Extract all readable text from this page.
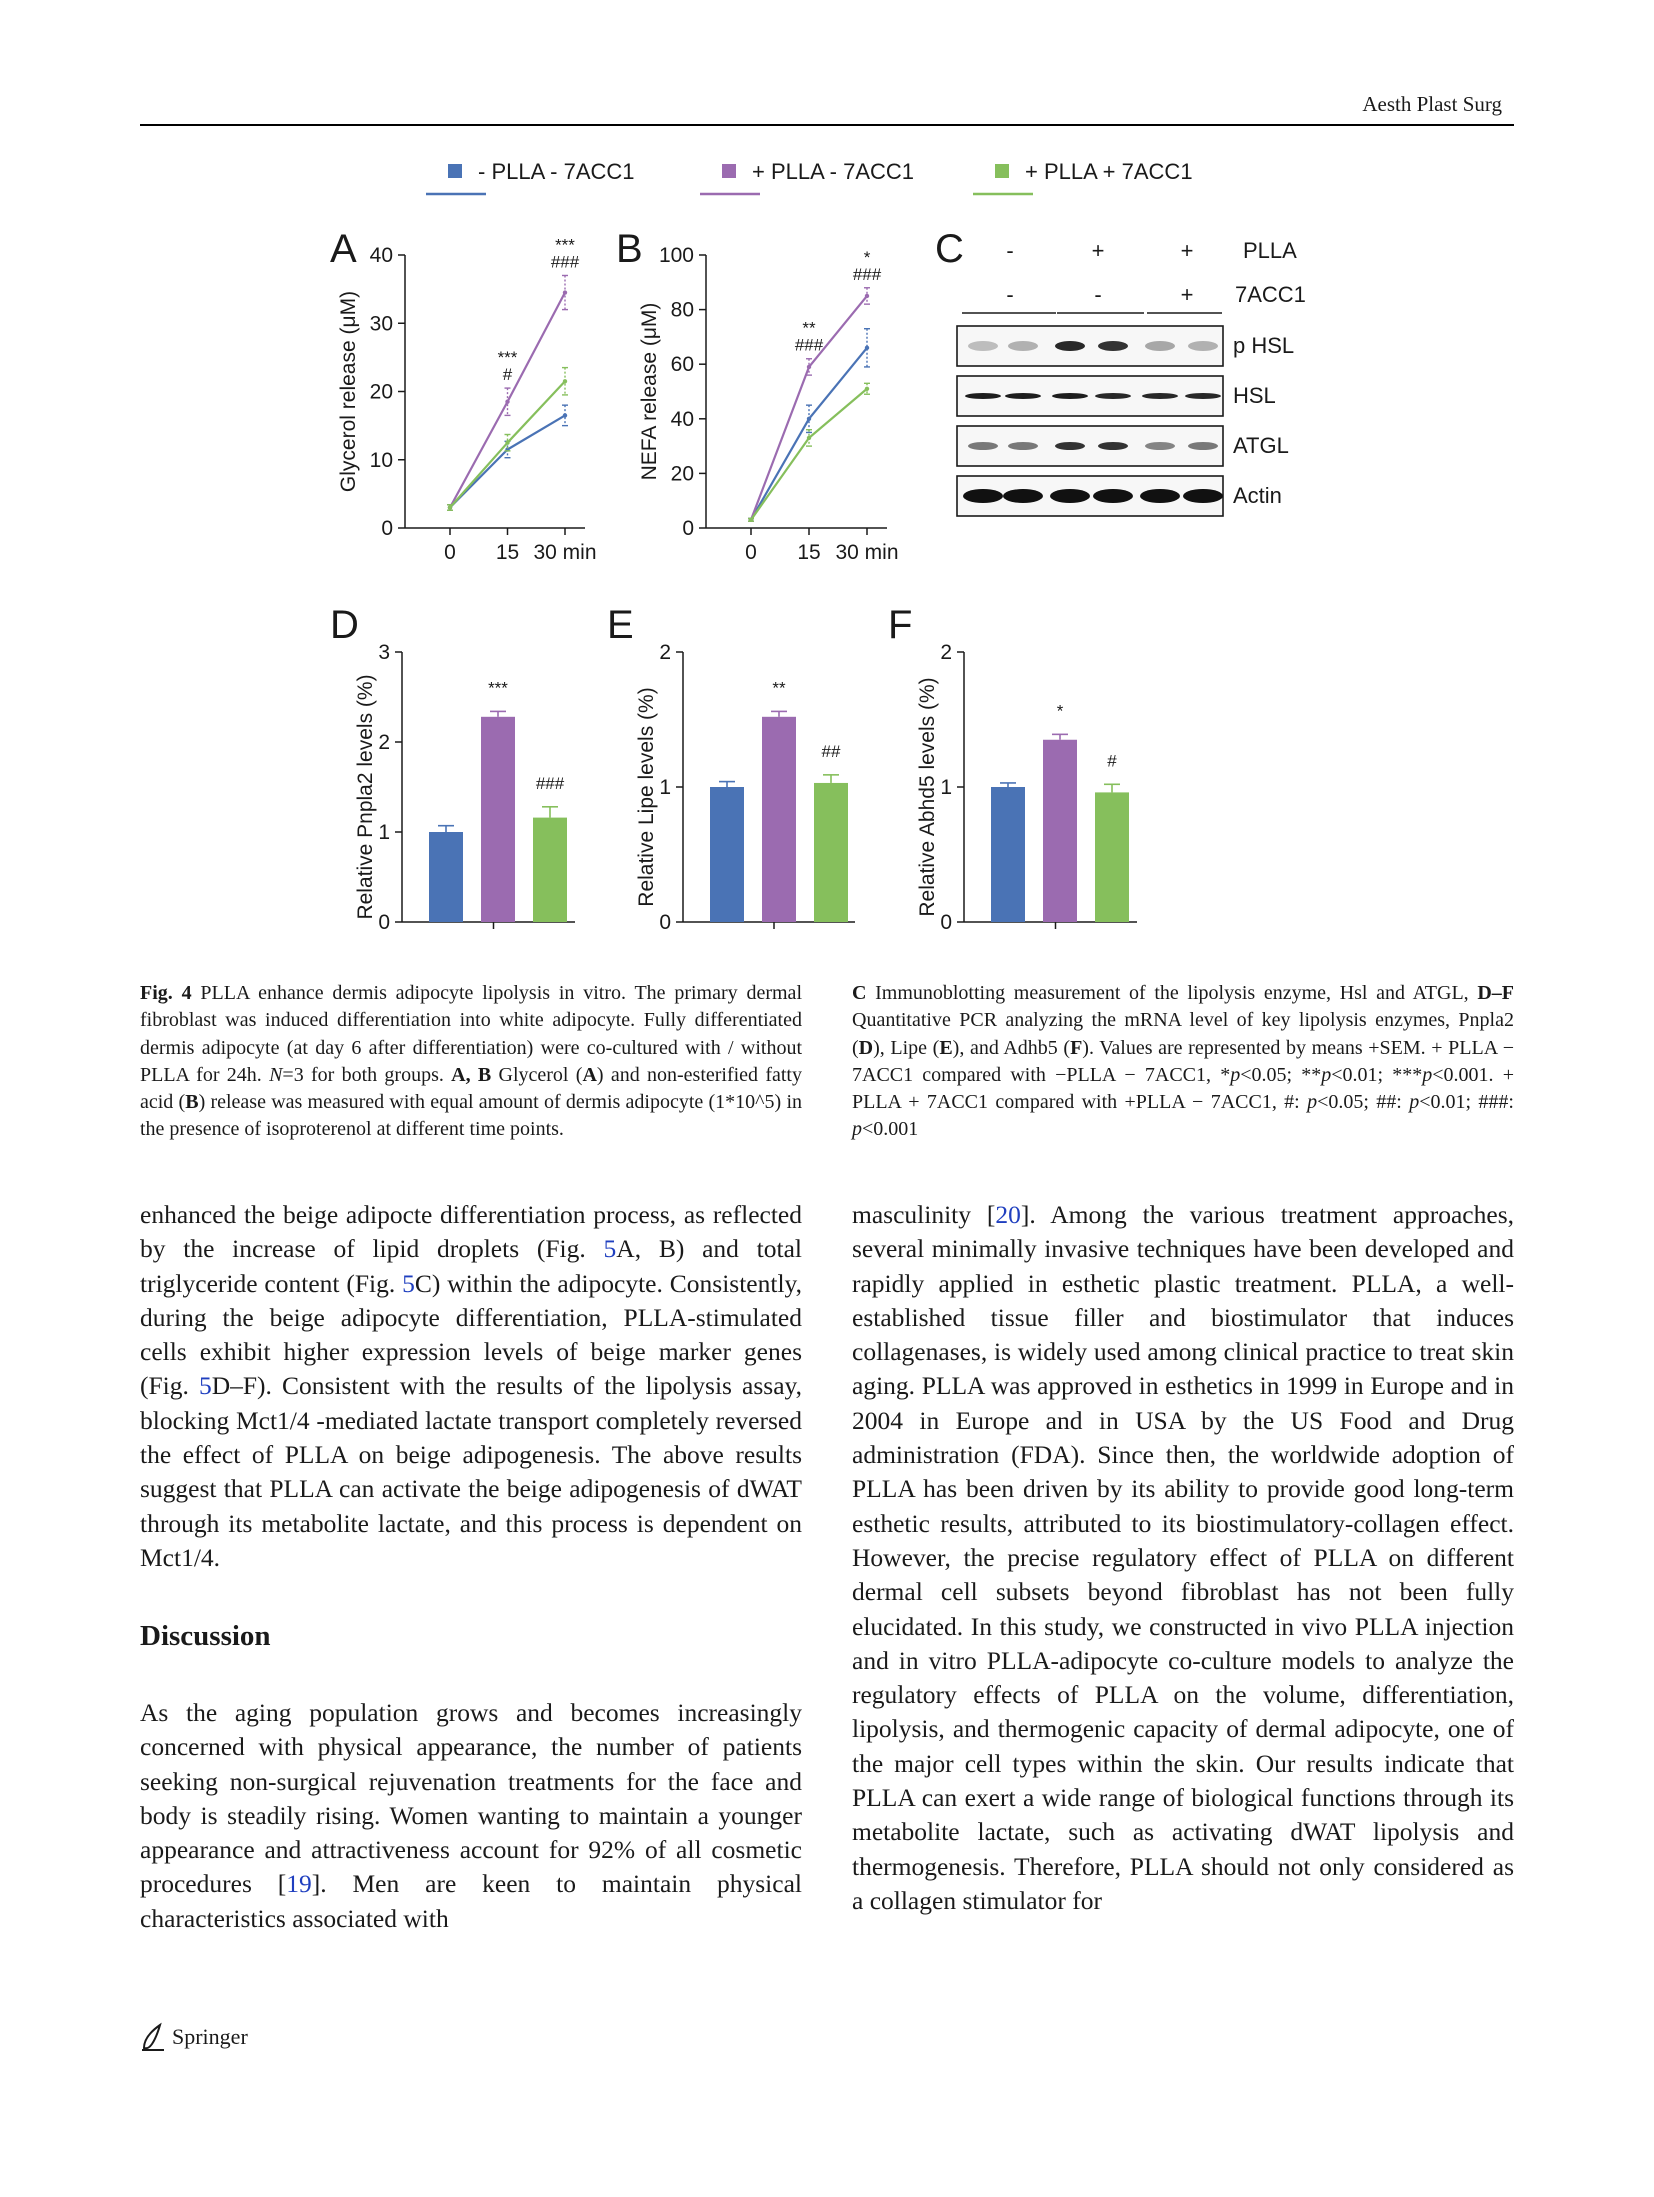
Aesth Plast Surg
- PLLA - 7ACC1	+ PLLA - 7ACC1	+ PLLA + 7ACC1
A	B	C
D	E	F
0
10
20
30
40
0 15 30 min
Glycerol release (μM)	***
#
***
###
0
20
40
60
80
100
0 15 30 min
NEFA release (μM)	**
###
*
###
-	+	+ PLLA
-	-	+ 7ACC1
p HSL
HSL
ATGL
Actin
0
1
2
3
Relative Pnpla2 levels (%)	***
###
0
1
2
Relative Lipe levels (%)	**
##
0
1
2
Relative Abhd5 levels (%)	*
#
Fig. 4 PLLA enhance dermis adipocyte lipolysis in vitro. The primary dermal fibroblast was induced differentiation into white adipocyte. Fully differentiated dermis adipocyte (at day 6 after differentiation) were co-cultured with / without PLLA for 24h. N=3 for both groups. A, B Glycerol (A) and non-esterified fatty acid (B) release was measured with equal amount of dermis adipocyte (1*10^5) in the presence of isoproterenol at different time points.
C Immunoblotting measurement of the lipolysis enzyme, Hsl and ATGL, D–F Quantitative PCR analyzing the mRNA level of key lipolysis enzymes, Pnpla2 (D), Lipe (E), and Adhb5 (F). Values are represented by means +SEM. + PLLA − 7ACC1 compared with −PLLA − 7ACC1, *p<0.05; **p<0.01; ***p<0.001. + PLLA + 7ACC1 compared with +PLLA − 7ACC1, #: p<0.05; ##: p<0.01; ###: p<0.001

enhanced the beige adipocte differentiation process, as reflected by the increase of lipid droplets (Fig. 5A, B) and total triglyceride content (Fig. 5C) within the adipocyte. Consistently, during the beige adipocyte differentiation, PLLA-stimulated cells exhibit higher expression levels of beige marker genes (Fig. 5D–F). Consistent with the results of the lipolysis assay, blocking Mct1/4 -mediated lactate transport completely reversed the effect of PLLA on beige adipogenesis. The above results suggest that PLLA can activate the beige adipogenesis of dWAT through its metabolite lactate, and this process is dependent on Mct1/4.

Discussion

As the aging population grows and becomes increasingly concerned with physical appearance, the number of patients seeking non-surgical rejuvenation treatments for the face and body is steadily rising. Women wanting to maintain a younger appearance and attractiveness account for 92% of all cosmetic procedures [19]. Men are keen to maintain physical characteristics associated with

masculinity [20]. Among the various treatment approaches, several minimally invasive techniques have been developed and rapidly applied in esthetic plastic treatment. PLLA, a well-established tissue filler and biostimulator that induces collagenases, is widely used among clinical practice to treat skin aging. PLLA was approved in esthetics in 1999 in Europe and in 2004 in Europe and in USA by the US Food and Drug administration (FDA). Since then, the worldwide adoption of PLLA has been driven by its ability to provide good long-term esthetic results, attributed to its biostimulatory-collagen effect. However, the precise regulatory effect of PLLA on different dermal cell subsets beyond fibroblast has not been fully elucidated. In this study, we constructed in vivo PLLA injection and in vitro PLLA-adipocyte co-culture models to analyze the regulatory effects of PLLA on the volume, differentiation, lipolysis, and thermogenic capacity of dermal adipocyte, one of the major cell types within the skin. Our results indicate that PLLA can exert a wide range of biological functions through its metabolite lactate, such as activating dWAT lipolysis and thermogenesis. Therefore, PLLA should not only considered as a collagen stimulator for

Springer
